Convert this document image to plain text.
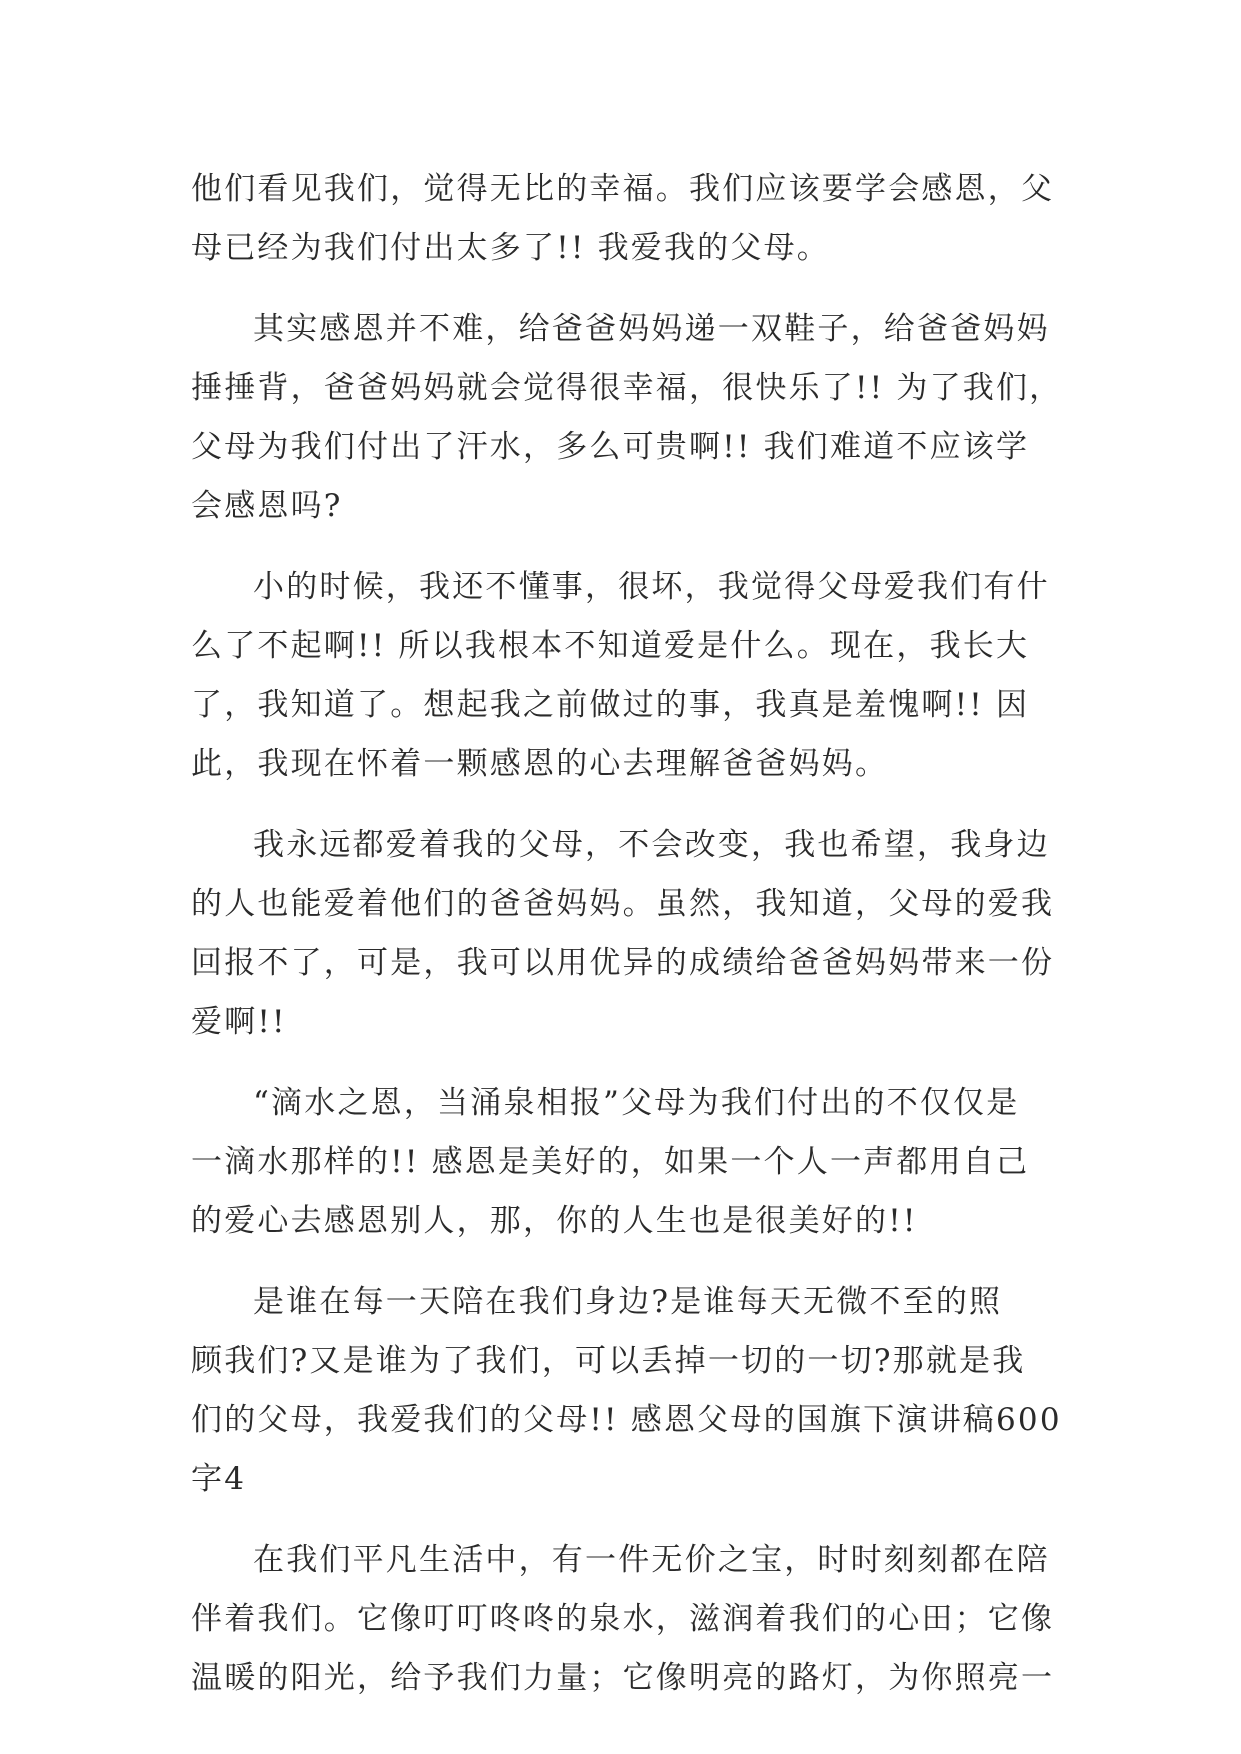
他们看见我们，觉得无比的幸福。我们应该要学会感恩，父
母已经为我们付出太多了!! 我爱我的父母。
其实感恩并不难，给爸爸妈妈递一双鞋子，给爸爸妈妈
捶捶背，爸爸妈妈就会觉得很幸福，很快乐了!! 为了我们，
父母为我们付出了汗水，多么可贵啊!! 我们难道不应该学
会感恩吗?
小的时候，我还不懂事，很坏，我觉得父母爱我们有什
么了不起啊!! 所以我根本不知道爱是什么。现在，我长大
了，我知道了。想起我之前做过的事，我真是羞愧啊!! 因
此，我现在怀着一颗感恩的心去理解爸爸妈妈。
我永远都爱着我的父母，不会改变，我也希望，我身边
的人也能爱着他们的爸爸妈妈。虽然，我知道，父母的爱我
回报不了，可是，我可以用优异的成绩给爸爸妈妈带来一份
爱啊!!
“滴水之恩，当涌泉相报”父母为我们付出的不仅仅是
一滴水那样的!! 感恩是美好的，如果一个人一声都用自己
的爱心去感恩别人，那，你的人生也是很美好的!!
是谁在每一天陪在我们身边?是谁每天无微不至的照
顾我们?又是谁为了我们，可以丢掉一切的一切?那就是我
们的父母，我爱我们的父母!! 感恩父母的国旗下演讲稿600
字4
在我们平凡生活中，有一件无价之宝，时时刻刻都在陪
伴着我们。它像叮叮咚咚的泉水，滋润着我们的心田；它像
温暖的阳光，给予我们力量；它像明亮的路灯，为你照亮一
